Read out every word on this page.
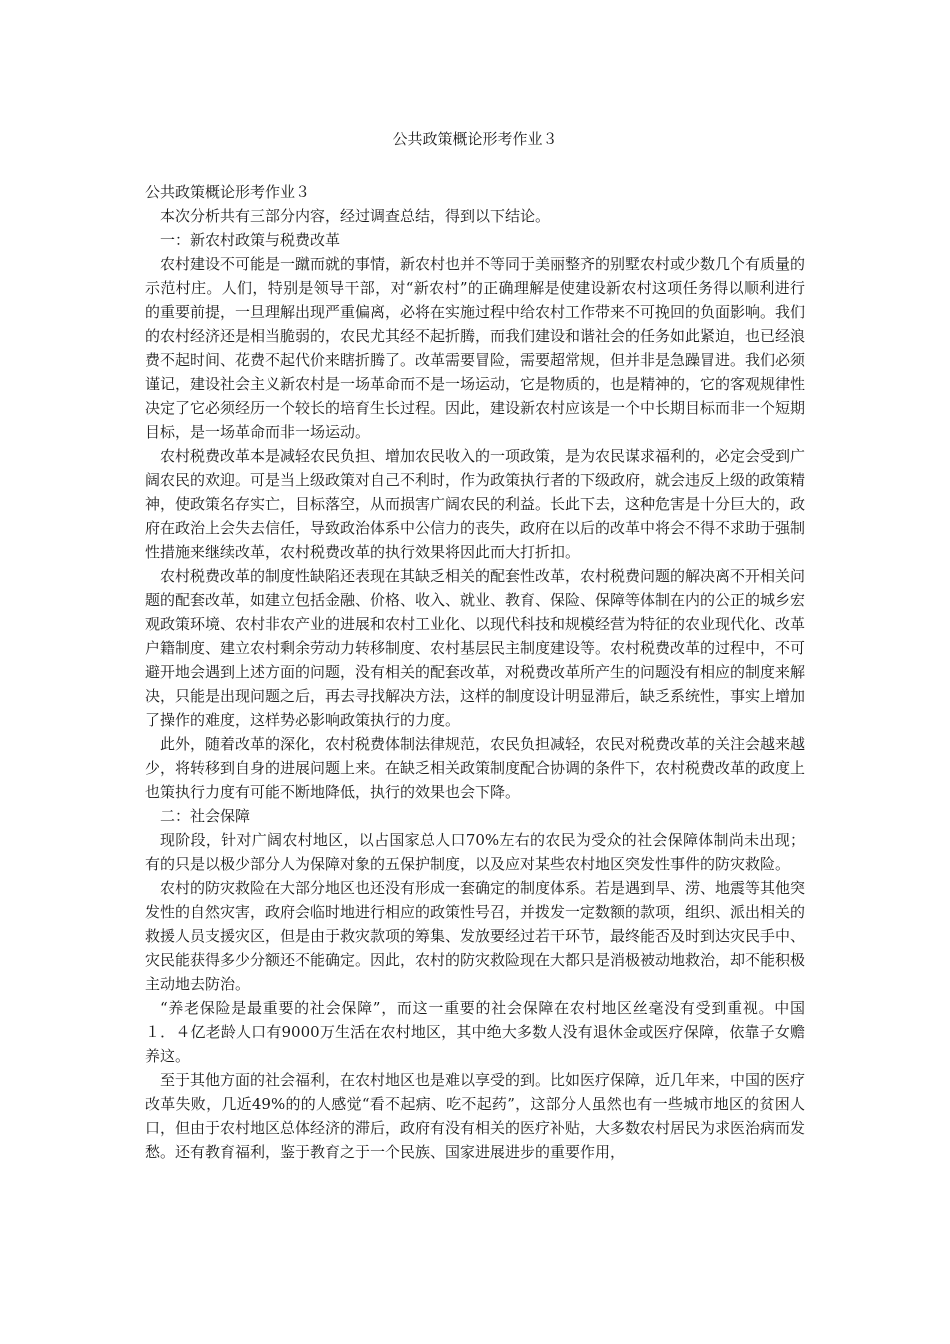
公共政策概论形考作业３

公共政策概论形考作业３

本次分析共有三部分内容，经过调查总结，得到以下结论。

一：新农村政策与税费改革

农村建设不可能是一蹴而就的事情，新农村也并不等同于美丽整齐的别墅农村或少数几个有质量的示范村庄。人们，特别是领导干部，对“新农村”的正确理解是使建设新农村这项任务得以顺利进行的重要前提，一旦理解出现严重偏离，必将在实施过程中给农村工作带来不可挽回的负面影响。我们的农村经济还是相当脆弱的，农民尤其经不起折腾，而我们建设和谐社会的任务如此紧迫，也已经浪费不起时间、花费不起代价来瞎折腾了。改革需要冒险，需要超常规，但并非是急躁冒进。我们必须谨记，建设社会主义新农村是一场革命而不是一场运动，它是物质的，也是精神的，它的客观规律性决定了它必须经历一个较长的培育生长过程。因此，建设新农村应该是一个中长期目标而非一个短期目标，是一场革命而非一场运动。

农村税费改革本是减轻农民负担、增加农民收入的一项政策，是为农民谋求福利的，必定会受到广阔农民的欢迎。可是当上级政策对自己不利时，作为政策执行者的下级政府，就会违反上级的政策精神，使政策名存实亡，目标落空，从而损害广阔农民的利益。长此下去，这种危害是十分巨大的，政府在政治上会失去信任，导致政治体系中公信力的丧失，政府在以后的改革中将会不得不求助于强制性措施来继续改革，农村税费改革的执行效果将因此而大打折扣。

农村税费改革的制度性缺陷还表现在其缺乏相关的配套性改革，农村税费问题的解决离不开相关问题的配套改革，如建立包括金融、价格、收入、就业、教育、保险、保障等体制在内的公正的城乡宏观政策环境、农村非农产业的进展和农村工业化、以现代科技和规模经营为特征的农业现代化、改革户籍制度、建立农村剩余劳动力转移制度、农村基层民主制度建设等。农村税费改革的过程中，不可避开地会遇到上述方面的问题，没有相关的配套改革，对税费改革所产生的问题没有相应的制度来解决，只能是出现问题之后，再去寻找解决方法，这样的制度设计明显滞后，缺乏系统性，事实上增加了操作的难度，这样势必影响政策执行的力度。

此外，随着改革的深化，农村税费体制法律规范，农民负担减轻，农民对税费改革的关注会越来越少，将转移到自身的进展问题上来。在缺乏相关政策制度配合协调的条件下，农村税费改革的政度上也策执行力度有可能不断地降低，执行的效果也会下降。

二：社会保障

现阶段，针对广阔农村地区，以占国家总人口70%左右的农民为受众的社会保障体制尚未出现；有的只是以极少部分人为保障对象的五保护制度，以及应对某些农村地区突发性事件的防灾救险。

农村的防灾救险在大部分地区也还没有形成一套确定的制度体系。若是遇到旱、涝、地震等其他突发性的自然灾害，政府会临时地进行相应的政策性号召，并拨发一定数额的款项，组织、派出相关的救援人员支援灾区，但是由于救灾款项的筹集、发放要经过若干环节，最终能否及时到达灾民手中、灾民能获得多少分额还不能确定。因此，农村的防灾救险现在大都只是消极被动地救治，却不能积极主动地去防治。

“养老保险是最重要的社会保障”，而这一重要的社会保障在农村地区丝毫没有受到重视。中国１．４亿老龄人口有9000万生活在农村地区，其中绝大多数人没有退休金或医疗保障，依靠子女赡养这。

至于其他方面的社会福利，在农村地区也是难以享受的到。比如医疗保障，近几年来，中国的医疗改革失败，几近49%的的人感觉“看不起病、吃不起药”，这部分人虽然也有一些城市地区的贫困人口，但由于农村地区总体经济的滞后，政府有没有相关的医疗补贴，大多数农村居民为求医治病而发愁。还有教育福利，鉴于教育之于一个民族、国家进展进步的重要作用，
